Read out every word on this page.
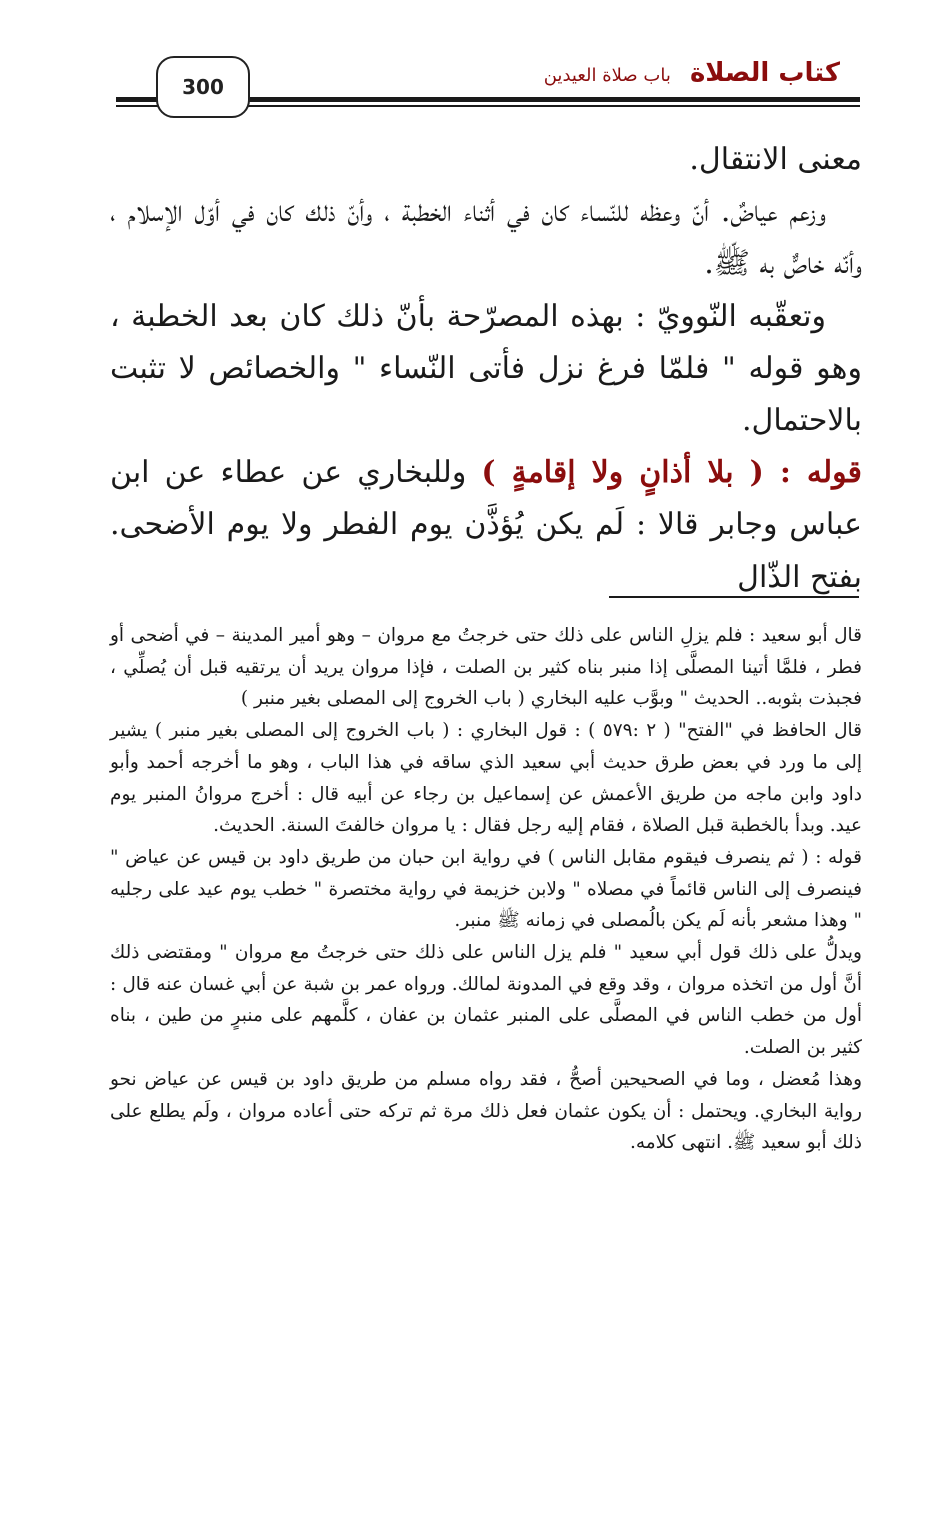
300	كتاب الصلاة باب صلاة العيدين

معنى الانتقال.

وزعم عياضٌ. أنّ وعظه للنّساء كان في أثناء الخطبة ، وأنّ ذلك كان في أوّل الإسلام ، وأنّه خاصٌّ به ﷺ.

وتعقّبه النّوويّ : بهذه المصرّحة بأنّ ذلك كان بعد الخطبة ، وهو قوله " فلمّا فرغ نزل فأتى النّساء " والخصائص لا تثبت بالاحتمال.

قوله : ( بلا أذانٍ ولا إقامةٍ ) وللبخاري عن عطاء عن ابن عباس وجابر قالا : لَم يكن يُؤذَّن يوم الفطر ولا يوم الأضحى. بفتح الذّال

قال أبو سعيد : فلم يزلِ الناس على ذلك حتى خرجتُ مع مروان – وهو أمير المدينة – في أضحى أو فطر ، فلمَّا أتينا المصلَّى إذا منبر بناه كثير بن الصلت ، فإذا مروان يريد أن يرتقيه قبل أن يُصلِّي ، فجبذت بثوبه.. الحديث " وبوَّب عليه البخاري ( باب الخروج إلى المصلى بغير منبر )

قال الحافظ في "الفتح" ( ٢ :٥٧٩ ) : قول البخاري : ( باب الخروج إلى المصلى بغير منبر ) يشير إلى ما ورد في بعض طرق حديث أبي سعيد الذي ساقه في هذا الباب ، وهو ما أخرجه أحمد وأبو داود وابن ماجه من طريق الأعمش عن إسماعيل بن رجاء عن أبيه قال : أخرج مروانُ المنبر يوم عيد. وبدأ بالخطبة قبل الصلاة ، فقام إليه رجل فقال : يا مروان خالفتَ السنة. الحديث.

قوله : ( ثم ينصرف فيقوم مقابل الناس ) في رواية ابن حبان من طريق داود بن قيس عن عياض " فينصرف إلى الناس قائماً في مصلاه " ولابن خزيمة في رواية مختصرة " خطب يوم عيد على رجليه " وهذا مشعر بأنه لَم يكن بالُمصلى في زمانه ﷺ منبر.

ويدلُّ على ذلك قول أبي سعيد " فلم يزل الناس على ذلك حتى خرجتُ مع مروان " ومقتضى ذلك أنَّ أول من اتخذه مروان ، وقد وقع في المدونة لمالك. ورواه عمر بن شبة عن أبي غسان عنه قال : أول من خطب الناس في المصلَّى على المنبر عثمان بن عفان ، كلَّمهم على منبرٍ من طين ، بناه كثير بن الصلت.

وهذا مُعضل ، وما في الصحيحين أصحُّ ، فقد رواه مسلم من طريق داود بن قيس عن عياض نحو رواية البخاري. ويحتمل : أن يكون عثمان فعل ذلك مرة ثم تركه حتى أعاده مروان ، ولَم يطلع على ذلك أبو سعيد ﷺ. انتهى كلامه.
